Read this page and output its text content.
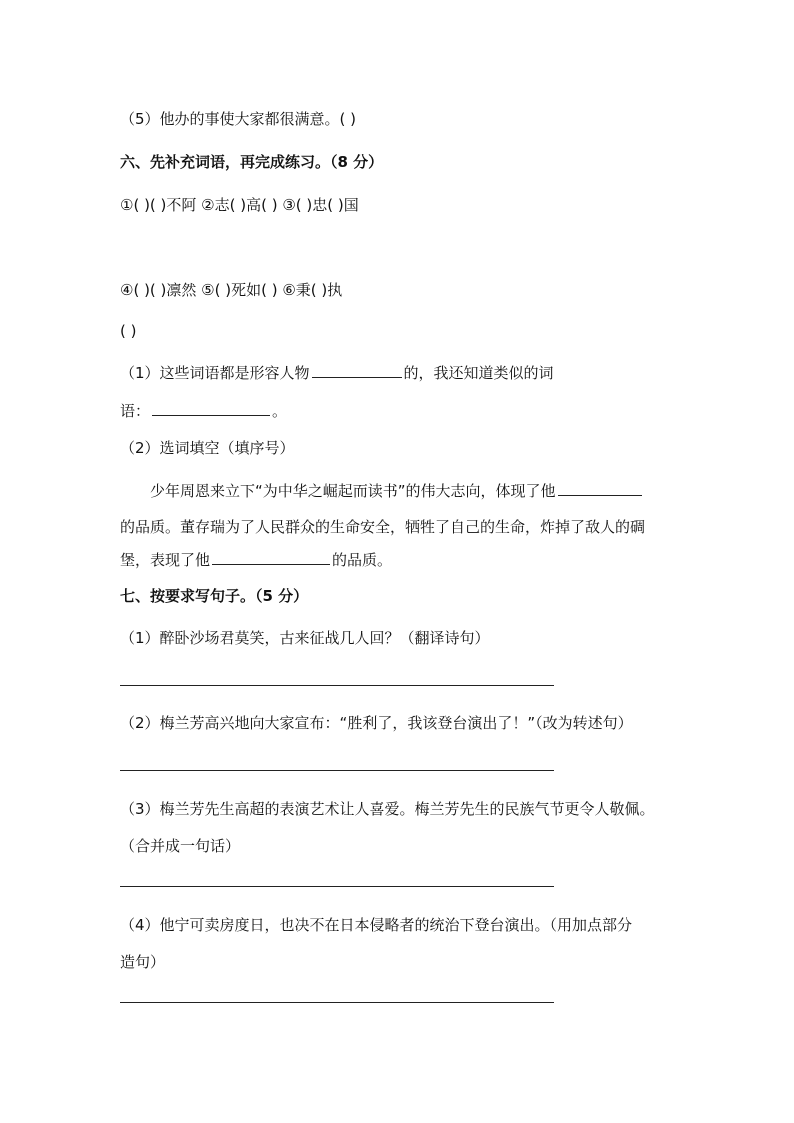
（5）他办的事使大家都很满意。( )
六、先补充词语，再完成练习。（8 分）
①( )( )不阿 ②志( )高( ) ③( )忠( )国
④( )( )凛然 ⑤( )死如( ) ⑥秉( )执
( )
（1）这些词语都是形容人物	的，我还知道类似的词
语：	。
（2）选词填空（填序号）
少年周恩来立下“为中华之崛起而读书”的伟大志向，体现了他
的品质。董存瑞为了人民群众的生命安全，牺牲了自己的生命，炸掉了敌人的碉
堡，表现了他	的品质。
七、按要求写句子。（5 分）
（1）醉卧沙场君莫笑，古来征战几人回？（翻译诗句）
（2）梅兰芳高兴地向大家宣布：“胜利了，我该登台演出了！”（改为转述句）
（3）梅兰芳先生高超的表演艺术让人喜爱。梅兰芳先生的民族气节更令人敬佩。
（合并成一句话）
（4）他宁可卖房度日，也决不在日本侵略者的统治下登台演出。（用加点部分
造句）
